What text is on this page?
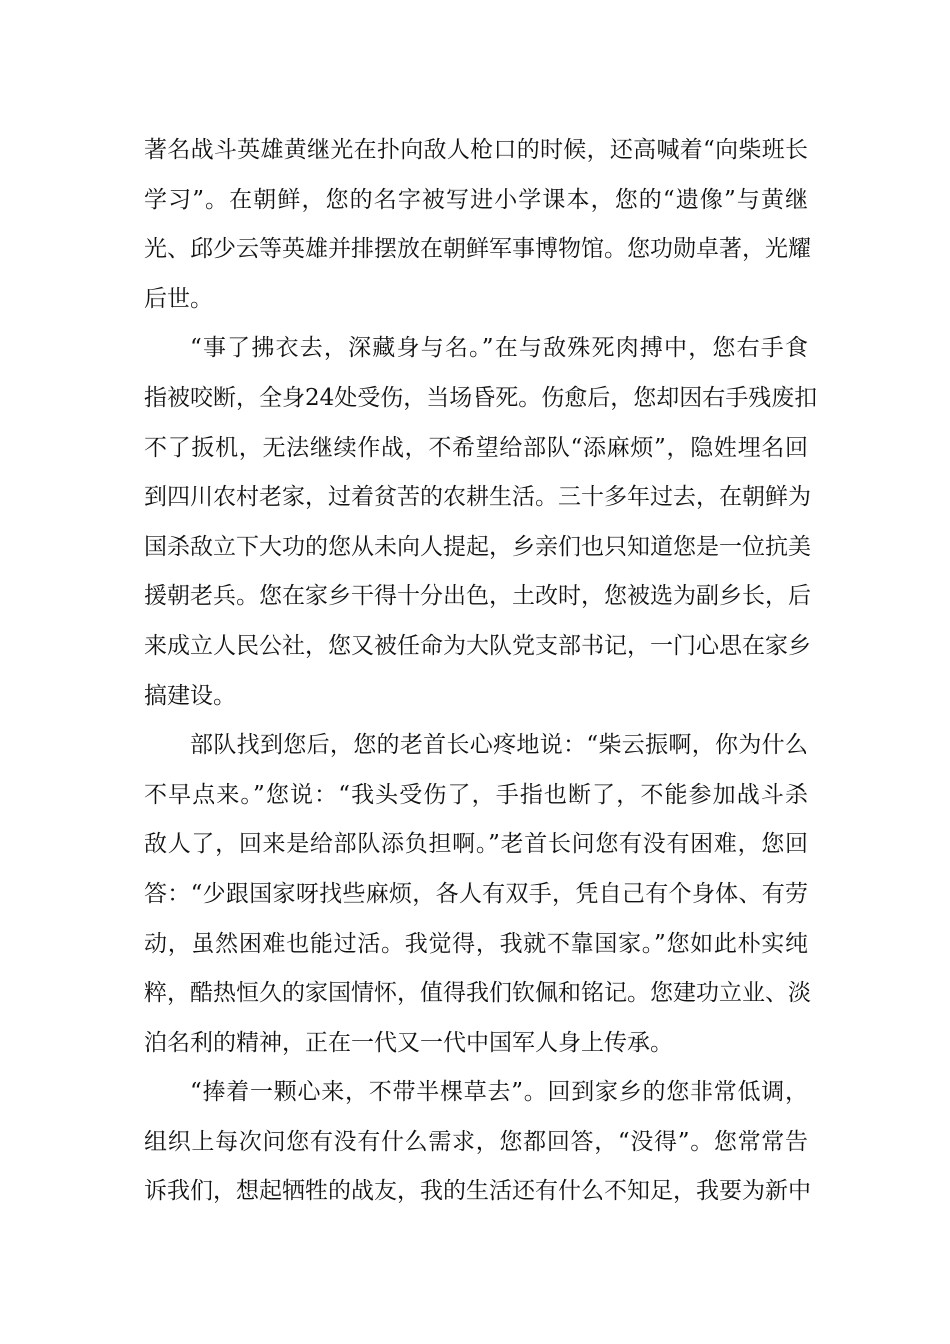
著名战斗英雄黄继光在扑向敌人枪口的时候，还高喊着“向柴班长
学习”。在朝鲜，您的名字被写进小学课本，您的“遗像”与黄继
光、邱少云等英雄并排摆放在朝鲜军事博物馆。您功勋卓著，光耀
后世。
“事了拂衣去，深藏身与名。”在与敌殊死肉搏中，您右手食
指被咬断，全身24处受伤，当场昏死。伤愈后，您却因右手残废扣
不了扳机，无法继续作战，不希望给部队“添麻烦”，隐姓埋名回
到四川农村老家，过着贫苦的农耕生活。三十多年过去，在朝鲜为
国杀敌立下大功的您从未向人提起，乡亲们也只知道您是一位抗美
援朝老兵。您在家乡干得十分出色，土改时，您被选为副乡长，后
来成立人民公社，您又被任命为大队党支部书记，一门心思在家乡
搞建设。
部队找到您后，您的老首长心疼地说：“柴云振啊，你为什么
不早点来。”您说：“我头受伤了，手指也断了，不能参加战斗杀
敌人了，回来是给部队添负担啊。”老首长问您有没有困难，您回
答：“少跟国家呀找些麻烦，各人有双手，凭自己有个身体、有劳
动，虽然困难也能过活。我觉得，我就不靠国家。”您如此朴实纯
粹，酷热恒久的家国情怀，值得我们钦佩和铭记。您建功立业、淡
泊名利的精神，正在一代又一代中国军人身上传承。
“捧着一颗心来，不带半棵草去”。回到家乡的您非常低调，
组织上每次问您有没有什么需求，您都回答，“没得”。您常常告
诉我们，想起牺牲的战友，我的生活还有什么不知足，我要为新中
